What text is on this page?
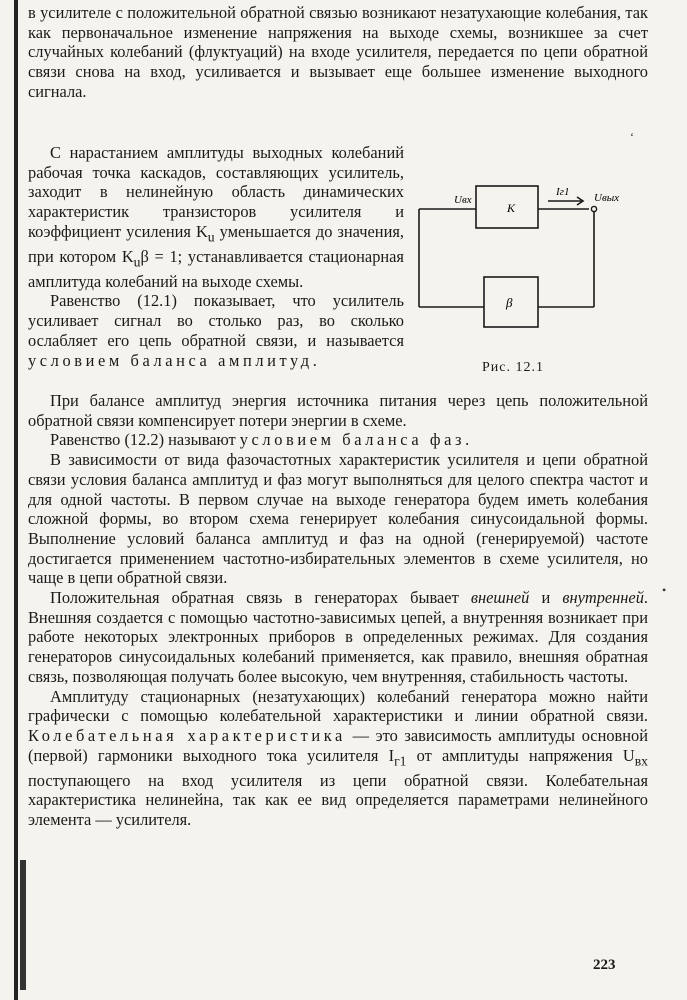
в усилителе с положительной обратной связью возникают незатухающие колебания, так как первоначальное изменение напряжения на выходе схемы, возникшее за счет случайных колебаний (флуктуаций) на входе усилителя, передается по цепи обратной связи снова на вход, усиливается и вызывает еще большее изменение выходного сигнала.

K
β
Uвх	Uвых
Iг1
Рис. 12.1

С нарастанием амплитуды выходных колебаний рабочая точка каскадов, составляющих усилитель, заходит в нелинейную область динамических характеристик транзисторов усилителя и коэффициент усиления $K_u$ уменьшается до значения, при котором $K_u\beta = 1$; устанавливается стационарная амплитуда колебаний на выходе схемы.

Равенство (12.1) показывает, что усилитель усиливает сигнал во столько раз, во сколько ослабляет его цепь обратной связи, и называется условием баланса амплитуд.

При балансе амплитуд энергия источника питания через цепь положительной обратной связи компенсирует потери энергии в схеме.

Равенство (12.2) называют условием баланса фаз.

В зависимости от вида фазочастотных характеристик усилителя и цепи обратной связи условия баланса амплитуд и фаз могут выполняться для целого спектра частот и для одной частоты. В первом случае на выходе генератора будем иметь колебания сложной формы, во втором схема генерирует колебания синусоидальной формы. Выполнение условий баланса амплитуд и фаз на одной (генерируемой) частоте достигается применением частотно-избирательных элементов в схеме усилителя, но чаще в цепи обратной связи.

Положительная обратная связь в генераторах бывает внешней и внутренней. Внешняя создается с помощью частотно-зависимых цепей, а внутренняя возникает при работе некоторых электронных приборов в определенных режимах. Для создания генераторов синусоидальных колебаний применяется, как правило, внешняя обратная связь, позволяющая получать более высокую, чем внутренняя, стабильность частоты.

Амплитуду стационарных (незатухающих) колебаний генератора можно найти графически с помощью колебательной характеристики и линии обратной связи. Колебательная характеристика — это зависимость амплитуды основной (первой) гармоники выходного тока усилителя $I_{г1}$ от амплитуды напряжения $U_{вх}$ поступающего на вход усилителя из цепи обратной связи. Колебательная характеристика нелинейна, так как ее вид определяется параметрами нелинейного элемента — усилителя.

223
‘
•
